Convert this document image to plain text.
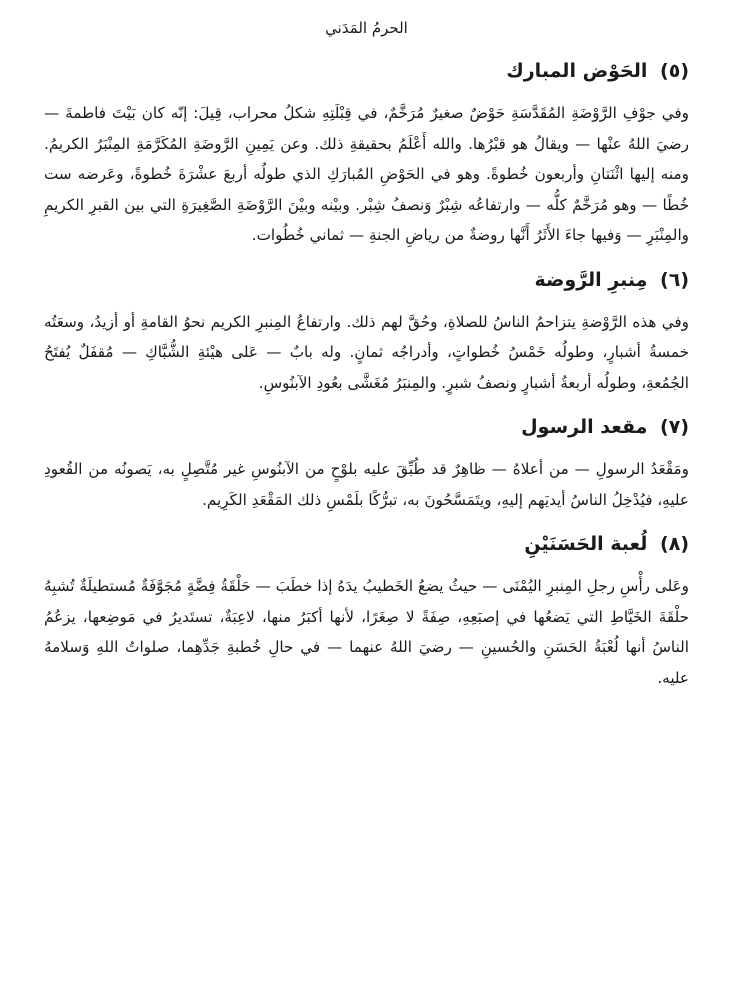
الحرمُ المَدَني
(٥) الحَوْض المبارك

وفي جوْفِ الرَّوْضَةِ المُقَدَّسَةِ حَوْضٌ صغيرٌ مُرَخَّمٌ، في قِبْلَتِهِ شكلُ محراب، قِيلَ: إنّه كان بَيْتَ فاطمةَ — رضيَ اللهُ عنْها — ويقالُ هو قبْرُها. والله أَعْلَمُ بحقيقةِ ذلك. وعن يَمِينِ الرَّوضَةِ المُكَرَّمَةِ المِنْبَرُ الكريمُ. ومنه إليها اثْنَتانِ وأربعون خُطوةً. وهو في الحَوْضِ المُبارَكِ الذي طولُه أربعَ عشْرَةَ خُطوةً، وعَرضه ست خُطًا — وهو مُرَخَّمٌ كلُّه — وارتفاعُه شِبْرٌ وَنصفُ شِبْر. وبيْنه وبيْنَ الرَّوْضَةِ الصَّغِيرَةِ التي بين القبرِ الكريمِ والمِنْبَرِ — وَفيها جاءَ الأَثَرُ أَنَّها روضةٌ من رياضِ الجنةِ — ثماني خُطُوات.

(٦) مِنبرِ الرَّوضة

وفي هذه الرَّوْضةِ يتزاحمُ الناسُ للصلاةِ، وحُقَّ لهم ذلك. وارتفاعُ المِنبرِ الكريم نحوُ القامةِ أو أزيدُ، وسعَتُه خمسةُ أشبارٍ، وطولُه خَمْسُ خُطواتٍ، وأدراجُه ثمانٍ. وله بابٌ — عَلى هيْئةِ الشُّبَّاكِ — مُقفَلٌ يُفتَحُ الجُمُعةِ، وطولُه أربعةُ أشبارٍ ونصفُ شبرٍ. والمِنبَرُ مُغَشَّى بعُودِ الآبنُوسِ.

(٧) مقعد الرسول

ومَقْعَدُ الرسولِ — من أعلاهُ — ظاهِرٌ قد طُبِّقَ عليه بلوْحٍ من الآبنُوسِ غير مُتَّصِلٍ به، يَصونُه من القُعودِ عليهِ، فيُدْخِلُ الناسُ أيديَهم إليهِ، ويتَمَسَّحُونَ به، تبرُّكًا بلَمْسِ ذلك المَقْعَدِ الكَرِيم.

(٨) لُعبة الحَسَنَيْنِ

وعَلى رأْسِ رجلِ المِنبرِ اليُمْنَى — حيثُ يضعُ الخَطيبُ يدَهُ إذا خطَبَ — حَلْقَةُ فِضَّةٍ مُجَوَّفَةٌ مُستطيلَةٌ تُشبِهُ حلْقَةَ الخَيَّاطِ التي يَضعُها في إصبَعِهِ، صِفَةً لا صِغَرًا، لأنها أكبَرُ منها، لاعِبَةٌ، تستَديرُ في مَوضِعها، يزعُمُ الناسُ أنها لُعْبَةُ الحَسَنِ والحُسينِ — رضيَ اللهُ عنهما — في حالِ خُطبةِ جَدِّهِما، صلواتُ اللهِ وَسلامهُ عليه.
